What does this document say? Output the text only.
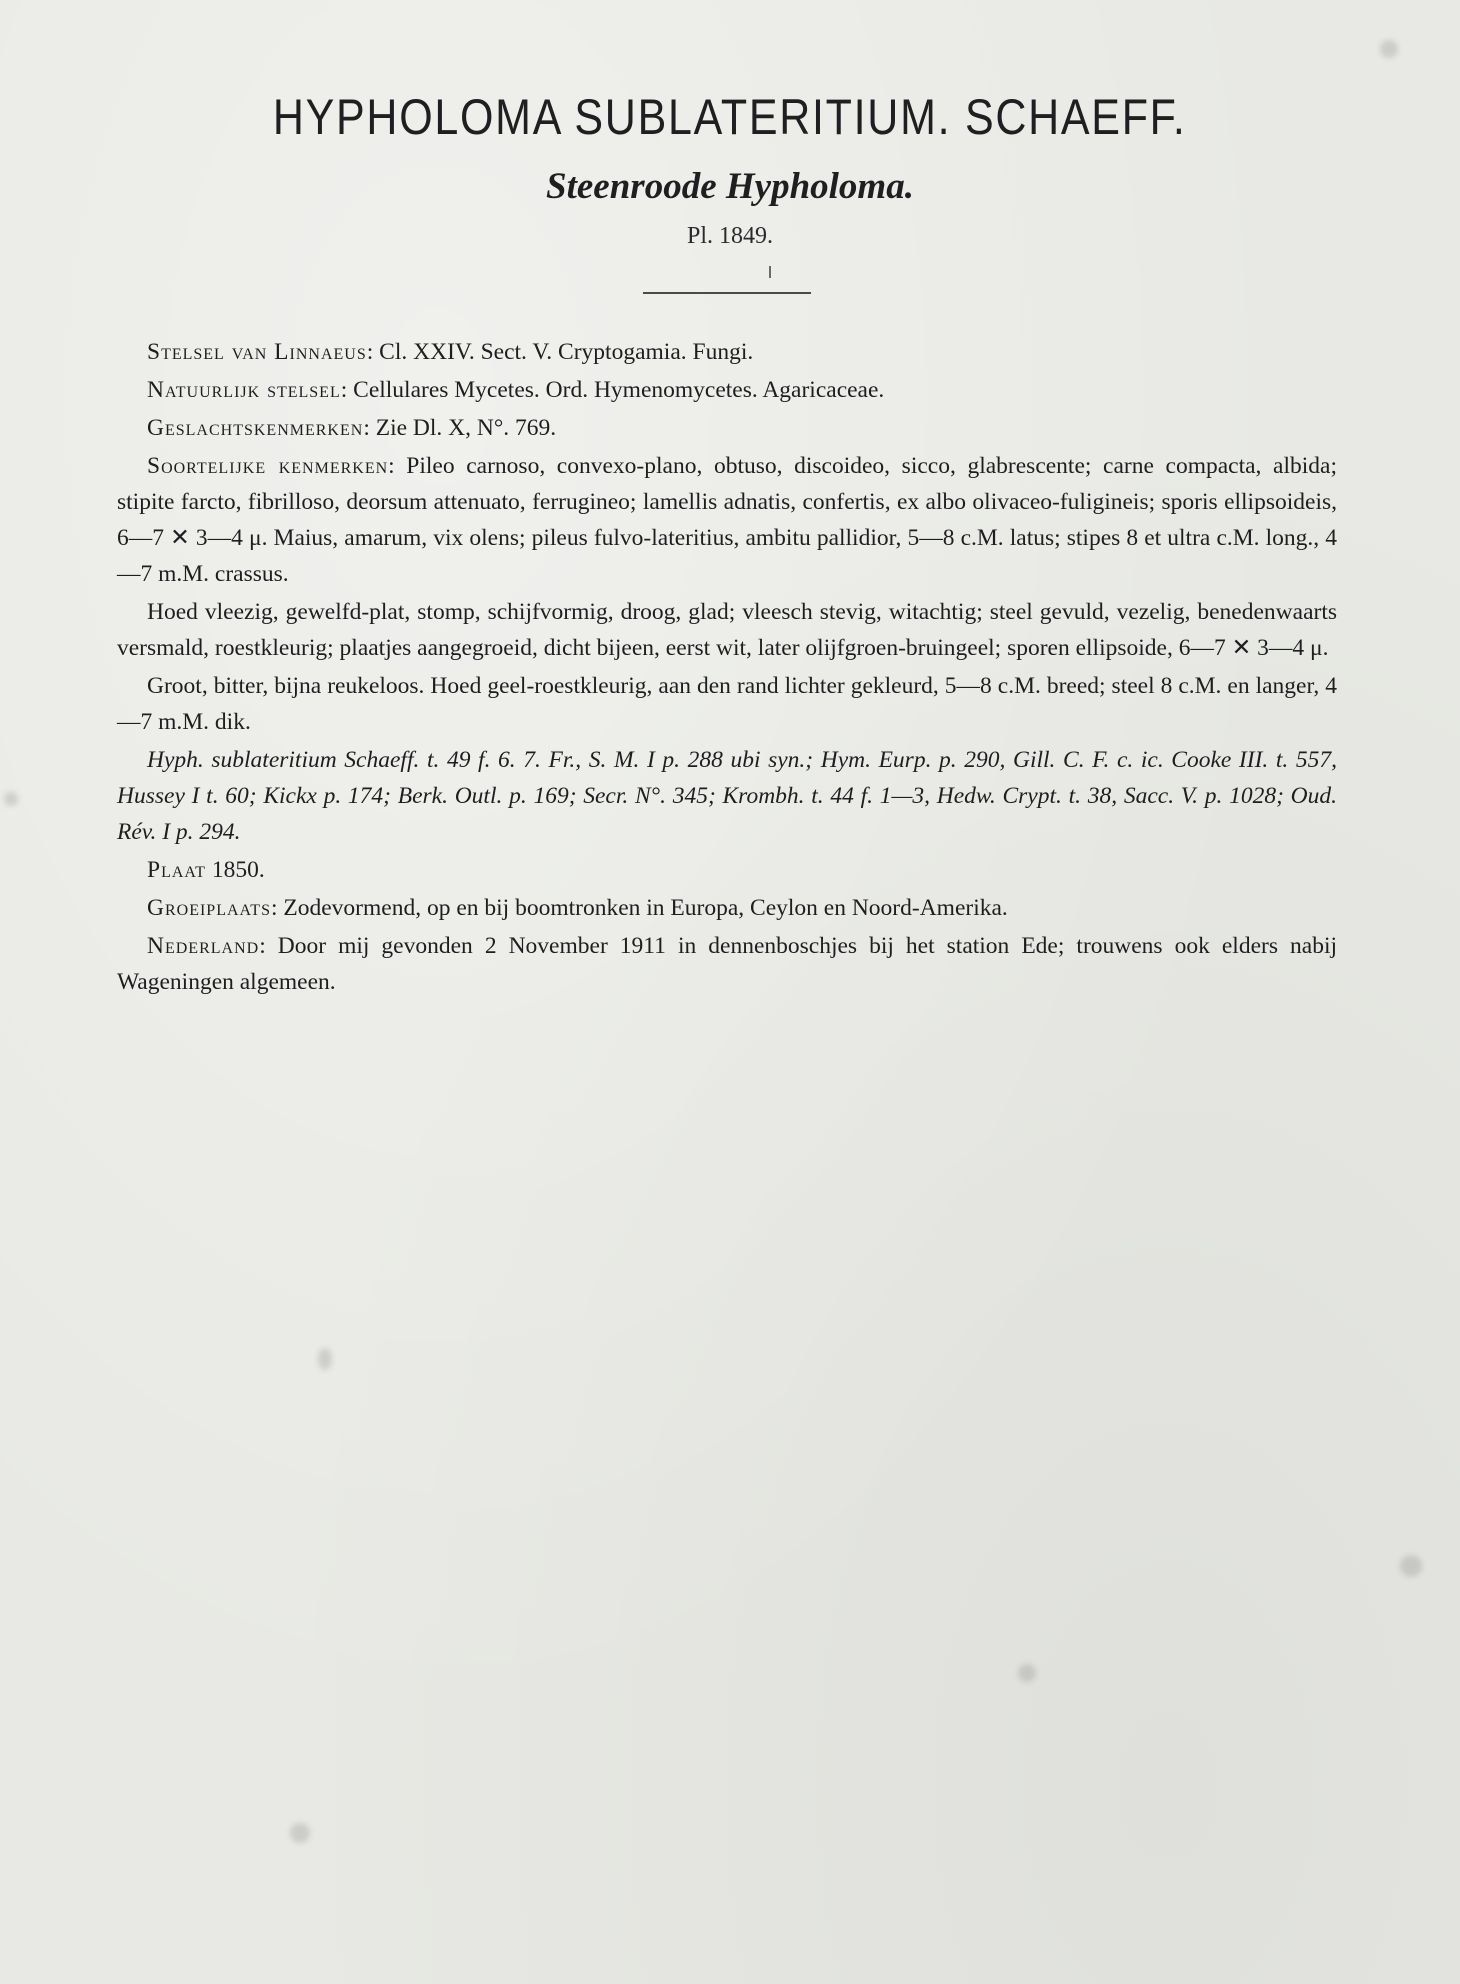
HYPHOLOMA SUBLATERITIUM. SCHAEFF.
Steenroode Hypholoma.
Pl. 1849.

Stelsel van Linnaeus: Cl. XXIV. Sect. V. Cryptogamia. Fungi.

Natuurlijk stelsel: Cellulares Mycetes. Ord. Hymenomycetes. Agaricaceae.

Geslachtskenmerken: Zie Dl. X, N°. 769.

Soortelijke kenmerken: Pileo carnoso, convexo-plano, obtuso, discoideo, sicco, glabrescente; carne compacta, albida; stipite farcto, fibrilloso, deorsum attenuato, ferrugineo; lamellis adnatis, confertis, ex albo olivaceo-fuligineis; sporis ellipsoideis, 6—7 ✕ 3—4 μ. Maius, amarum, vix olens; pileus fulvo-lateritius, ambitu pallidior, 5—8 c.M. latus; stipes 8 et ultra c.M. long., 4—7 m.M. crassus.

Hoed vleezig, gewelfd-plat, stomp, schijfvormig, droog, glad; vleesch stevig, witachtig; steel gevuld, vezelig, benedenwaarts versmald, roestkleurig; plaatjes aangegroeid, dicht bijeen, eerst wit, later olijfgroen-bruingeel; sporen ellipsoide, 6—7 ✕ 3—4 μ.

Groot, bitter, bijna reukeloos. Hoed geel-roestkleurig, aan den rand lichter gekleurd, 5—8 c.M. breed; steel 8 c.M. en langer, 4—7 m.M. dik.

Hyph. sublateritium Schaeff. t. 49 f. 6. 7. Fr., S. M. I p. 288 ubi syn.; Hym. Eurp. p. 290, Gill. C. F. c. ic. Cooke III. t. 557, Hussey I t. 60; Kickx p. 174; Berk. Outl. p. 169; Secr. N°. 345; Krombh. t. 44 f. 1—3, Hedw. Crypt. t. 38, Sacc. V. p. 1028; Oud. Rév. I p. 294.

Plaat 1850.

Groeiplaats: Zodevormend, op en bij boomtronken in Europa, Ceylon en Noord-Amerika.

Nederland: Door mij gevonden 2 November 1911 in dennenboschjes bij het station Ede; trouwens ook elders nabij Wageningen algemeen.
